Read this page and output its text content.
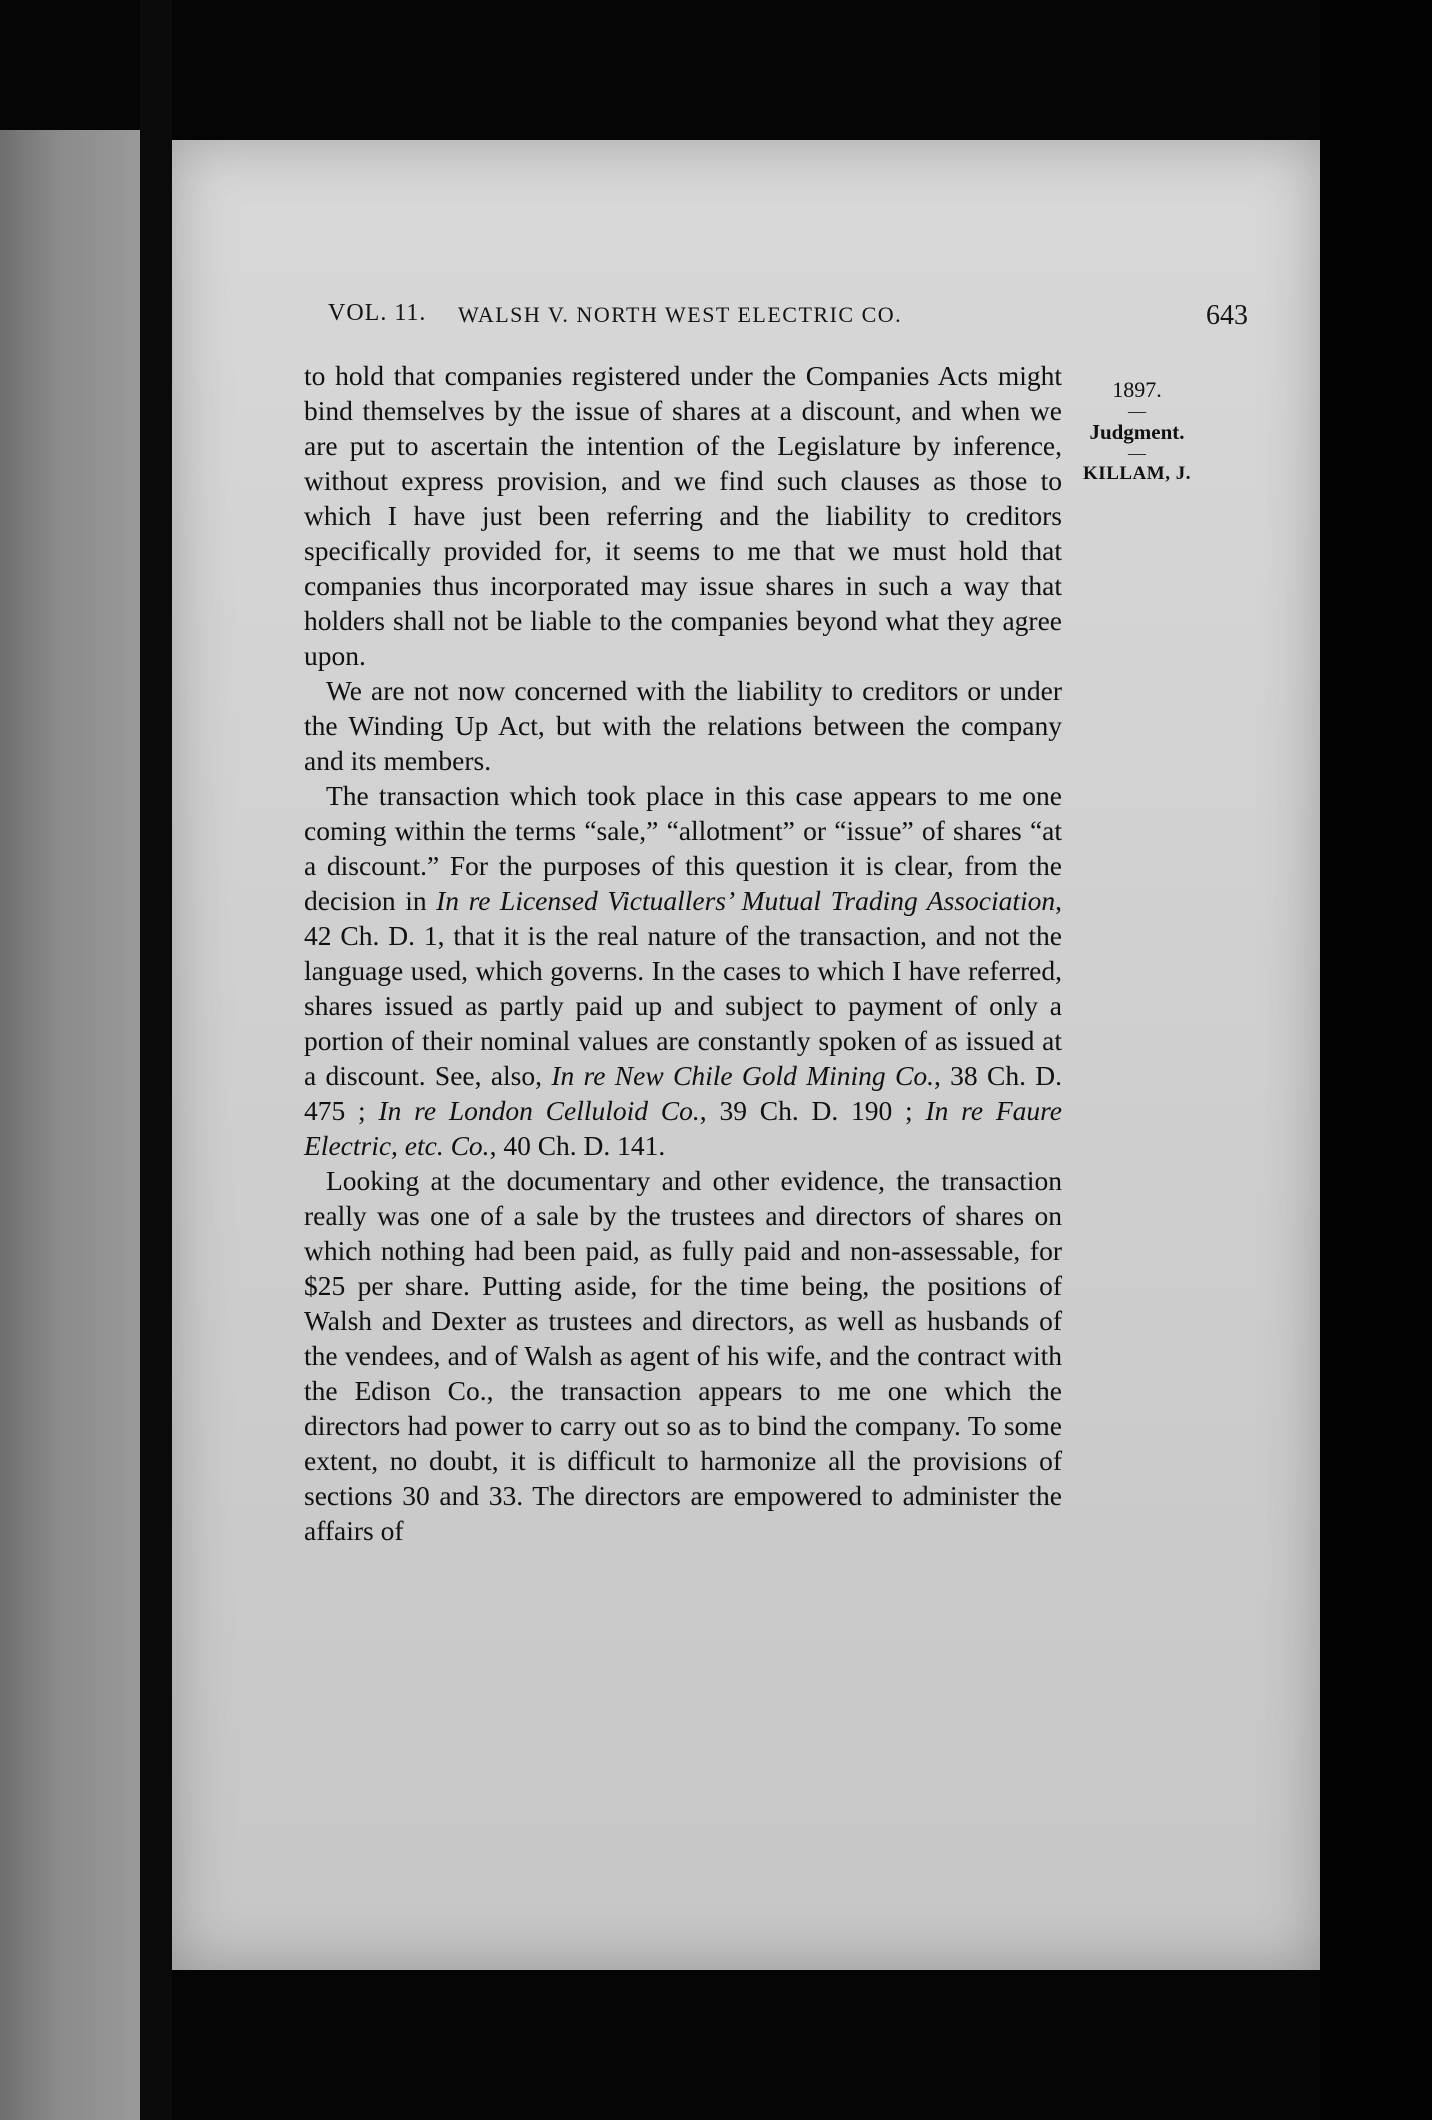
VOL. 11. WALSH V. NORTH WEST ELECTRIC CO.	643

to hold that companies registered under the Companies Acts might bind themselves by the issue of shares at a discount, and when we are put to ascertain the intention of the Legislature by inference, without express provision, and we find such clauses as those to which I have just been referring and the liability to creditors specifically provided for, it seems to me that we must hold that companies thus incorporated may issue shares in such a way that holders shall not be liable to the companies beyond what they agree upon.

We are not now concerned with the liability to creditors or under the Winding Up Act, but with the relations between the company and its members.

The transaction which took place in this case appears to me one coming within the terms “sale,” “allotment” or “issue” of shares “at a discount.” For the purposes of this question it is clear, from the decision in In re Licensed Victuallers’ Mutual Trading Association, 42 Ch. D. 1, that it is the real nature of the transaction, and not the language used, which governs. In the cases to which I have referred, shares issued as partly paid up and subject to payment of only a portion of their nominal values are constantly spoken of as issued at a discount. See, also, In re New Chile Gold Mining Co., 38 Ch. D. 475 ; In re London Celluloid Co., 39 Ch. D. 190 ; In re Faure Electric, etc. Co., 40 Ch. D. 141.

Looking at the documentary and other evidence, the transaction really was one of a sale by the trustees and directors of shares on which nothing had been paid, as fully paid and non-assessable, for $25 per share. Putting aside, for the time being, the positions of Walsh and Dexter as trustees and directors, as well as husbands of the vendees, and of Walsh as agent of his wife, and the contract with the Edison Co., the transaction appears to me one which the directors had power to carry out so as to bind the company. To some extent, no doubt, it is difficult to harmonize all the provisions of sections 30 and 33. The directors are empowered to administer the affairs of

1897.
—
Judgment.
—
KILLAM, J.
